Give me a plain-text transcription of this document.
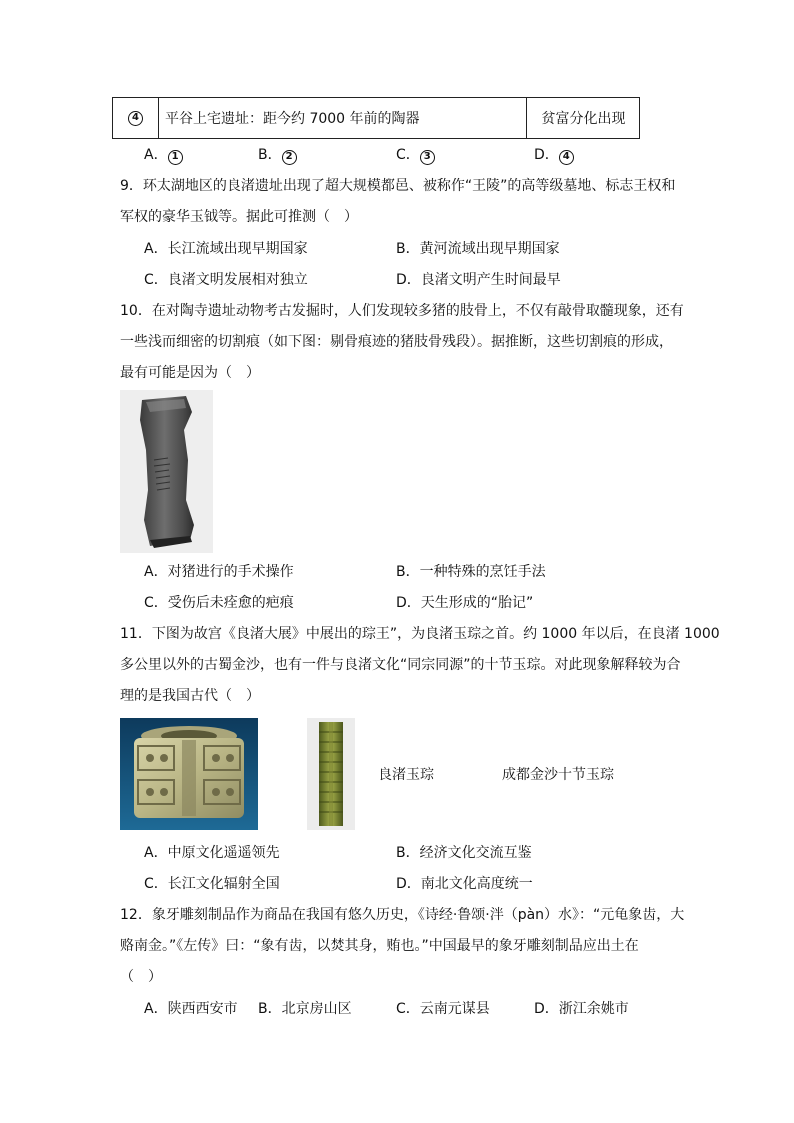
4	平谷上宅遗址：距今约 7000 年前的陶器	贫富分化出现
A． 1	B． 2	C． 3	D． 4
9．环太湖地区的良渚遗址出现了超大规模都邑、被称作“王陵”的高等级墓地、标志王权和
军权的豪华玉钺等。据此可推测（　）
A．长江流域出现早期国家	B．黄河流域出现早期国家
C．良渚文明发展相对独立	D．良渚文明产生时间最早
10．在对陶寺遗址动物考古发掘时，人们发现较多猪的肢骨上，不仅有敲骨取髓现象，还有
一些浅而细密的切割痕（如下图：剔骨痕迹的猪肢骨残段）。据推断，这些切割痕的形成，
最有可能是因为（　）
A．对猪进行的手术操作	B．一种特殊的烹饪手法
C．受伤后未痊愈的疤痕	D．天生形成的“胎记”
11．下图为故宫《良渚大展》中展出的琮王”，为良渚玉琮之首。约 1000 年以后，在良渚 1000
多公里以外的古蜀金沙，也有一件与良渚文化“同宗同源”的十节玉琮。对此现象解释较为合
理的是我国古代（　）
良渚玉琮	成都金沙十节玉琮
A．中原文化遥遥领先	B．经济文化交流互鉴
C．长江文化辐射全国	D．南北文化高度统一
12．象牙雕刻制品作为商品在我国有悠久历史，《诗经·鲁颂·泮（pàn）水》：“元龟象齿，大
赂南金。”《左传》曰：“象有齿，以焚其身，贿也。”中国最早的象牙雕刻制品应出土在
（　）
A．陕西西安市 B．北京房山区	C．云南元谋县	D．浙江余姚市
